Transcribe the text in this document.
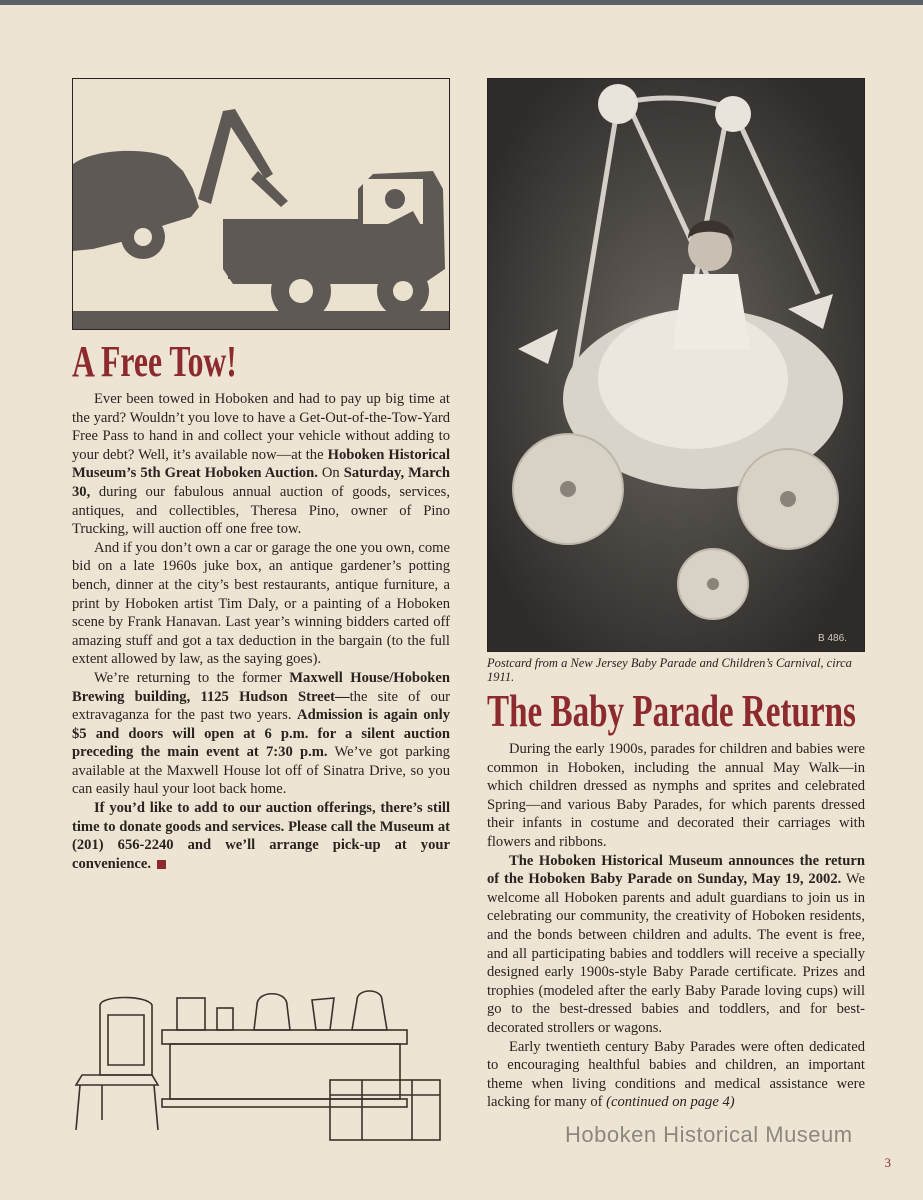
A Free Tow!

Ever been towed in Hoboken and had to pay up big time at the yard? Wouldn’t you love to have a Get-Out-of-the-Tow-Yard Free Pass to hand in and collect your vehicle without adding to your debt? Well, it’s available now—at the Hoboken Historical Museum’s 5th Great Hoboken Auction. On Saturday, March 30, during our fabulous annual auction of goods, services, antiques, and collectibles, Theresa Pino, owner of Pino Trucking, will auction off one free tow.

And if you don’t own a car or garage the one you own, come bid on a late 1960s juke box, an antique gardener’s potting bench, dinner at the city’s best restaurants, antique furniture, a print by Hoboken artist Tim Daly, or a painting of a Hoboken scene by Frank Hanavan. Last year’s winning bidders carted off amazing stuff and got a tax deduction in the bargain (to the full extent allowed by law, as the saying goes).

We’re returning to the former Maxwell House/Hoboken Brewing building, 1125 Hudson Street—the site of our extravaganza for the past two years. Admission is again only $5 and doors will open at 6 p.m. for a silent auction preceding the main event at 7:30 p.m. We’ve got parking available at the Maxwell House lot off of Sinatra Drive, so you can easily haul your loot back home.

If you’d like to add to our auction offerings, there’s still time to donate goods and services. Please call the Museum at (201) 656-2240 and we’ll arrange pick-up at your convenience.

B 486.
Postcard from a New Jersey Baby Parade and Children’s Carnival, circa 1911.
The Baby Parade Returns

During the early 1900s, parades for children and babies were common in Hoboken, including the annual May Walk—in which children dressed as nymphs and sprites and celebrated Spring—and various Baby Parades, for which parents dressed their infants in costume and decorated their carriages with flowers and ribbons.

The Hoboken Historical Museum announces the return of the Hoboken Baby Parade on Sunday, May 19, 2002. We welcome all Hoboken parents and adult guardians to join us in celebrating our community, the creativity of Hoboken residents, and the bonds between children and adults. The event is free, and all participating babies and toddlers will receive a specially designed early 1900s-style Baby Parade certificate. Prizes and trophies (modeled after the early Baby Parade loving cups) will go to the best-dressed babies and toddlers, and for best-decorated strollers or wagons.

Early twentieth century Baby Parades were often dedicated to encouraging healthful babies and children, an important theme when living conditions and medical assistance were lacking for many of (continued on page 4)

Hoboken Historical Museum
3
